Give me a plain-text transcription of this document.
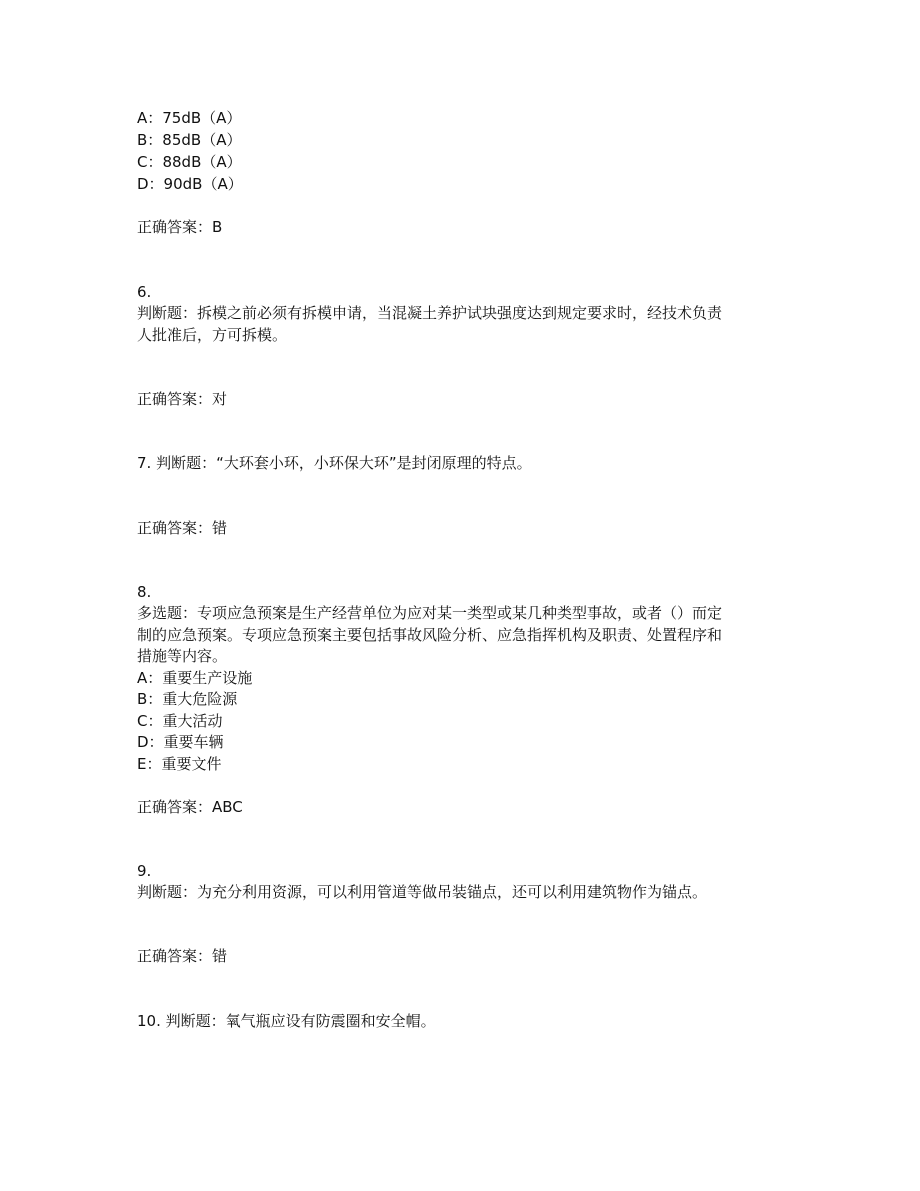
A：75dB（A）
B：85dB（A）
C：88dB（A）
D：90dB（A）
正确答案：B
6.
判断题：拆模之前必须有拆模申请，当混凝土养护试块强度达到规定要求时，经技术负责
人批准后，方可拆模。
正确答案：对
7. 判断题：“大环套小环，小环保大环”是封闭原理的特点。
正确答案：错
8.
多选题：专项应急预案是生产经营单位为应对某一类型或某几种类型事故，或者（）而定
制的应急预案。专项应急预案主要包括事故风险分析、应急指挥机构及职责、处置程序和
措施等内容。
A：重要生产设施
B：重大危险源
C：重大活动
D：重要车辆
E：重要文件
正确答案：ABC
9.
判断题：为充分利用资源，可以利用管道等做吊装锚点，还可以利用建筑物作为锚点。
正确答案：错
10. 判断题：氧气瓶应设有防震圈和安全帽。
